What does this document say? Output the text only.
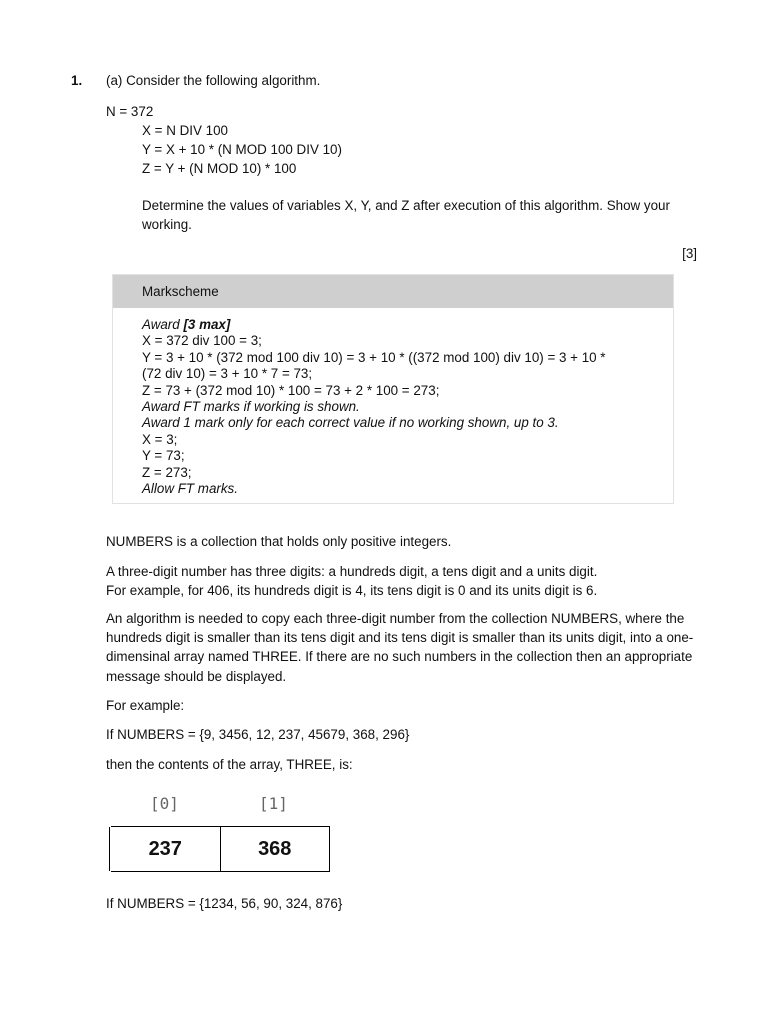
1. (a) Consider the following algorithm.
N = 372
X = N DIV 100
Y = X + 10 * (N MOD 100 DIV 10)
Z = Y + (N MOD 10) * 100
Determine the values of variables X, Y, and Z after execution of this algorithm. Show your working.
[3]
Markscheme
Award [3 max]
X = 372 div 100 = 3;
Y = 3 + 10 * (372 mod 100 div 10) = 3 + 10 * ((372 mod 100) div 10) = 3 + 10 *
(72 div 10) = 3 + 10 * 7 = 73;
Z = 73 + (372 mod 10) * 100 = 73 + 2 * 100 = 273;
Award FT marks if working is shown.
Award 1 mark only for each correct value if no working shown, up to 3.
X = 3;
Y = 73;
Z = 273;
Allow FT marks.
NUMBERS is a collection that holds only positive integers.
A three-digit number has three digits: a hundreds digit, a tens digit and a units digit.
For example, for 406, its hundreds digit is 4, its tens digit is 0 and its units digit is 6.
An algorithm is needed to copy each three-digit number from the collection NUMBERS, where the hundreds digit is smaller than its tens digit and its tens digit is smaller than its units digit, into a one-dimensinal array named THREE. If there are no such numbers in the collection then an appropriate message should be displayed.
For example:
If NUMBERS = {9, 3456, 12, 237, 45679, 368, 296}
then the contents of the array, THREE, is:
[0]	[1]
237	368
If NUMBERS = {1234, 56, 90, 324, 876}
